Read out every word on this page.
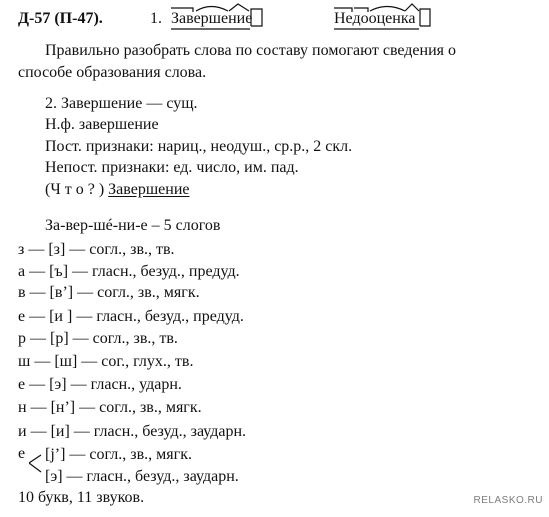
Д-57 (П-47).	1. Завершение	Недооценка
Правильно разобрать слова по составу помогают сведения о
способе образования слова.
2. Завершение — сущ.
Н.ф. завершение
Пост. признаки: нариц., неодуш., ср.р., 2 скл.
Непост. признаки: ед. число, им. пад.
(Ч т о ? ) Завершение
За-вер-шé-ни-е – 5 слогов
з — [з] — согл., зв., тв.
а — [ъ] — гласн., безуд., предуд.
в — [в’] — согл., зв., мягк.
е — [и ] — гласн., безуд., предуд.
р — [р] — согл., зв., тв.
ш — [ш] — сог., глух., тв.
е — [э] — гласн., ударн.
н — [н’] — согл., зв., мягк.
и — [и] — гласн., безуд., заударн.
е [j’] — согл., зв., мягк.
[э] — гласн., безуд., заударн.
10 букв, 11 звуков.	RELASKO.RU
